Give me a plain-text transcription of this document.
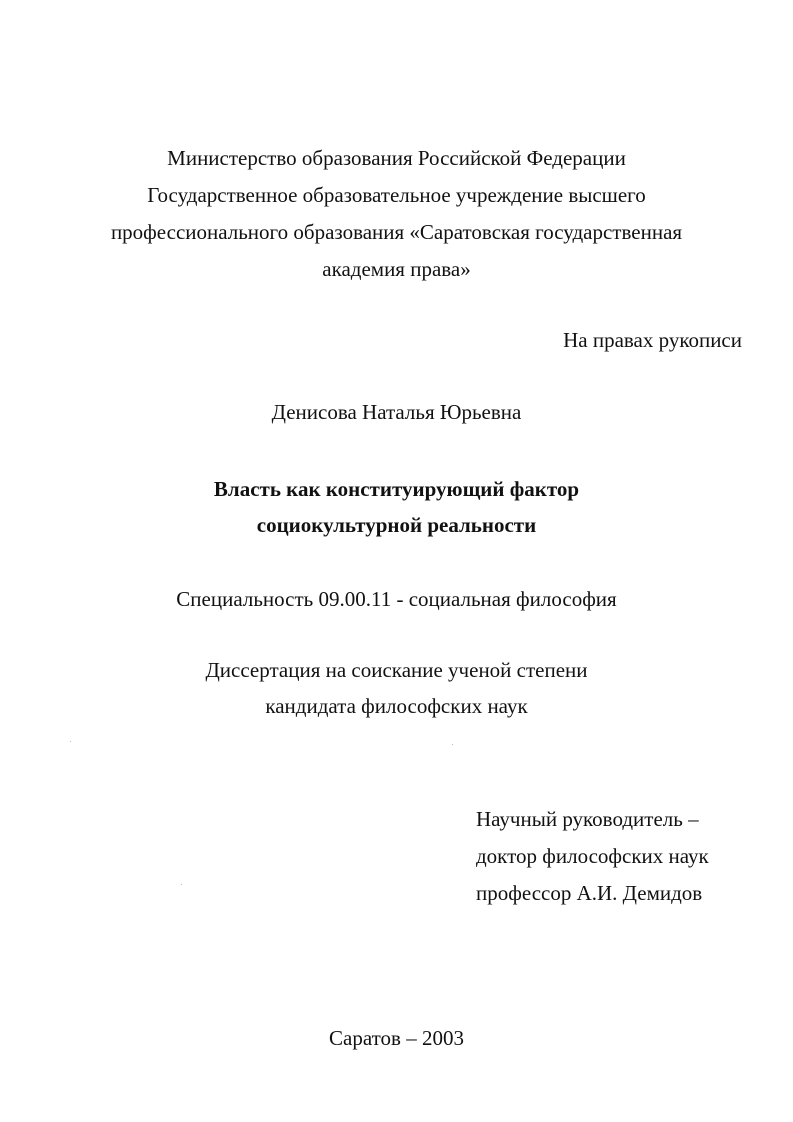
Министерство образования Российской Федерации
Государственное образовательное учреждение высшего
профессионального образования «Саратовская государственная
академия права»
На правах рукописи
Денисова Наталья Юрьевна
Власть как конституирующий фактор
социокультурной реальности
Специальность 09.00.11 - социальная философия
Диссертация на соискание ученой степени
кандидата философских наук
Научный руководитель –
доктор философских наук
профессор А.И. Демидов
Саратов – 2003
